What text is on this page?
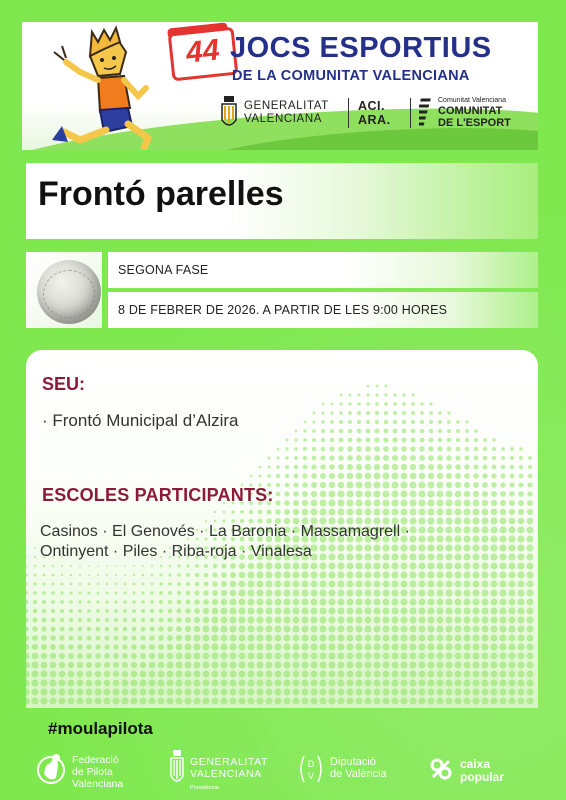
44 JOCS ESPORTIUS
DE LA COMUNITAT VALENCIANA
GENERALITAT
VALENCIANA
ACI.
ARA.
Comunitat Valenciana
COMUNITAT
DE L'ESPORT
Frontó parelles
SEGONA FASE
8 DE FEBRER DE 2026. A PARTIR DE LES 9:00 HORES
SEU:
· Frontó Municipal d’Alzira
ESCOLES PARTICIPANTS:
Casinos · El Genovés · La Baronia · Massamagrell ·
Ontinyent · Piles · Riba-roja · Vinalesa
#moulapilota
Federació
de Pilota
Valenciana
GENERALITAT
VALENCIANA
Presidència
D
V
Diputació
de València
caixa
popular
